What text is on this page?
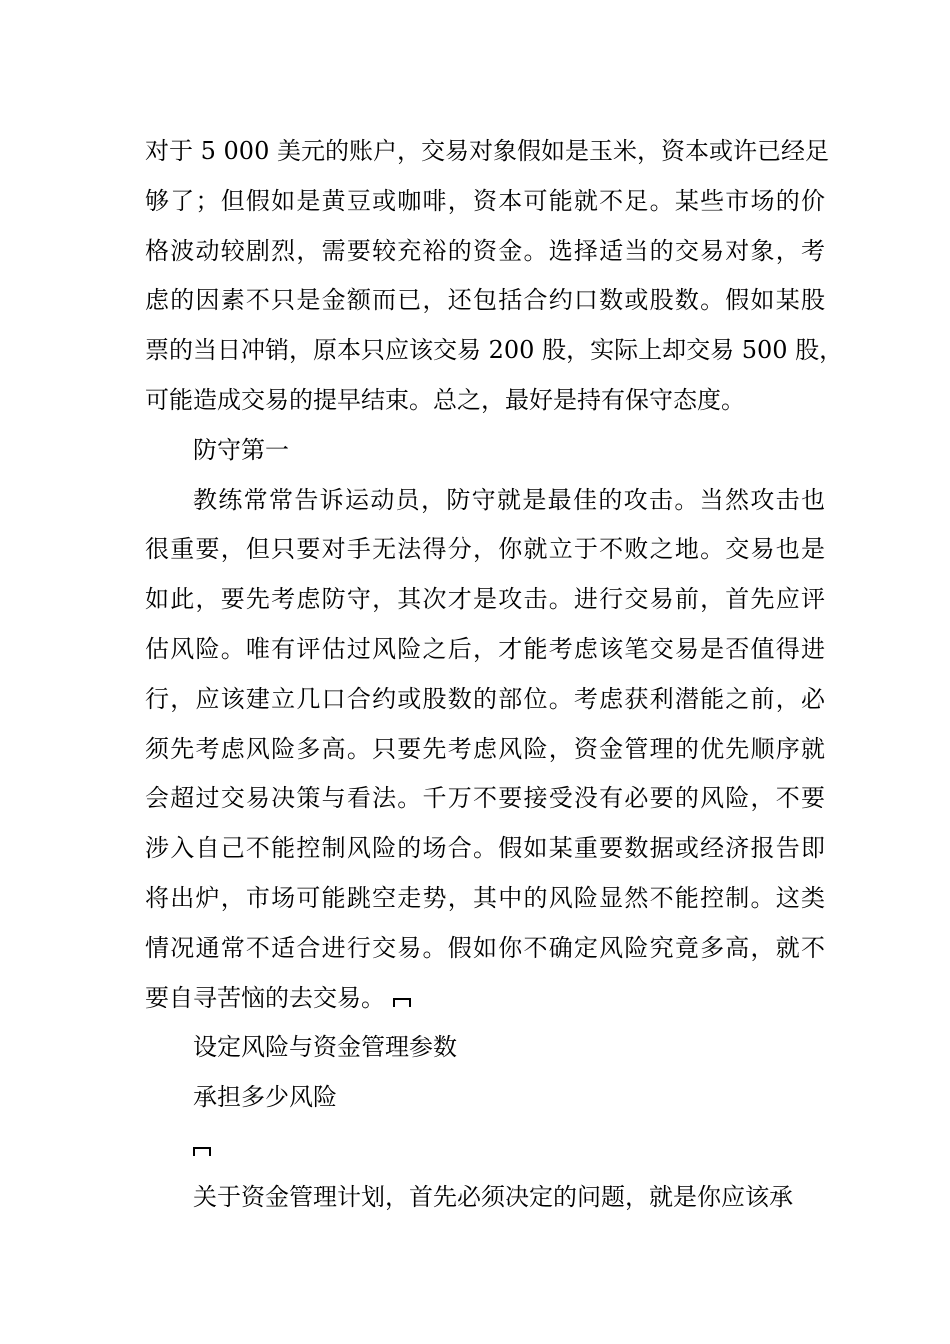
对于 5 000 美元的账户，交易对象假如是玉米，资本或许已经足
够了；但假如是黄豆或咖啡，资本可能就不足。某些市场的价
格波动较剧烈，需要较充裕的资金。选择适当的交易对象，考
虑的因素不只是金额而已，还包括合约口数或股数。假如某股
票的当日冲销，原本只应该交易 200 股，实际上却交易 500 股，
可能造成交易的提早结束。总之，最好是持有保守态度。
防守第一
教练常常告诉运动员，防守就是最佳的攻击。当然攻击也
很重要，但只要对手无法得分，你就立于不败之地。交易也是
如此，要先考虑防守，其次才是攻击。进行交易前，首先应评
估风险。唯有评估过风险之后，才能考虑该笔交易是否值得进
行，应该建立几口合约或股数的部位。考虑获利潜能之前，必
须先考虑风险多高。只要先考虑风险，资金管理的优先顺序就
会超过交易决策与看法。千万不要接受没有必要的风险，不要
涉入自己不能控制风险的场合。假如某重要数据或经济报告即
将出炉，市场可能跳空走势，其中的风险显然不能控制。这类
情况通常不适合进行交易。假如你不确定风险究竟多高，就不
要自寻苦恼的去交易。
设定风险与资金管理参数
承担多少风险
关于资金管理计划，首先必须决定的问题，就是你应该承
